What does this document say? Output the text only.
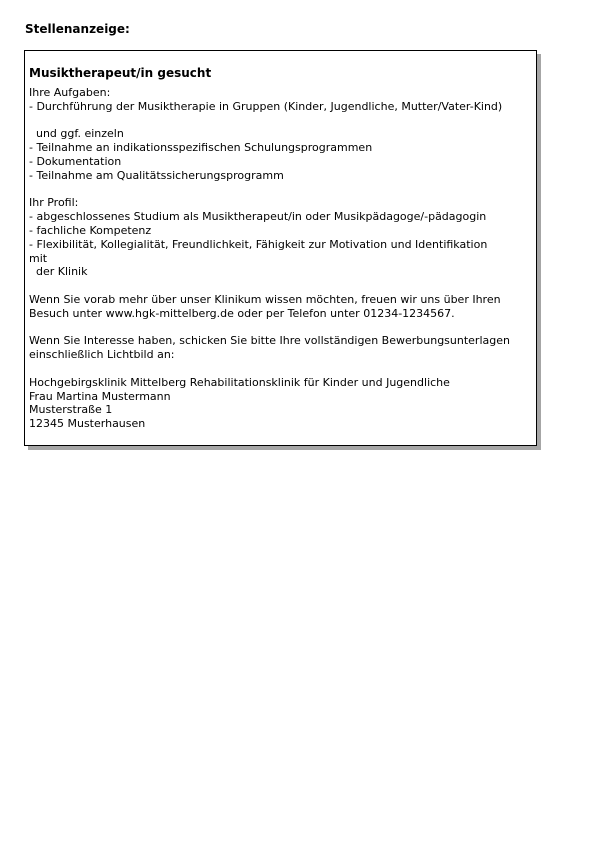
Stellenanzeige:
Musiktherapeut/in gesucht
Ihre Aufgaben:
- Durchführung der Musiktherapie in Gruppen (Kinder, Jugendliche, Mutter/Vater-Kind)
und ggf. einzeln
- Teilnahme an indikationsspezifischen Schulungsprogrammen
- Dokumentation
- Teilnahme am Qualitätssicherungsprogramm
Ihr Profil:
- abgeschlossenes Studium als Musiktherapeut/in oder Musikpädagoge/-pädagogin
- fachliche Kompetenz
- Flexibilität, Kollegialität, Freundlichkeit, Fähigkeit zur Motivation und Identifikation
mit
der Klinik
Wenn Sie vorab mehr über unser Klinikum wissen möchten, freuen wir uns über Ihren
Besuch unter www.hgk-mittelberg.de oder per Telefon unter 01234-1234567.
Wenn Sie Interesse haben, schicken Sie bitte Ihre vollständigen Bewerbungsunterlagen
einschließlich Lichtbild an:
Hochgebirgsklinik Mittelberg Rehabilitationsklinik für Kinder und Jugendliche
Frau Martina Mustermann
Musterstraße 1
12345 Musterhausen
